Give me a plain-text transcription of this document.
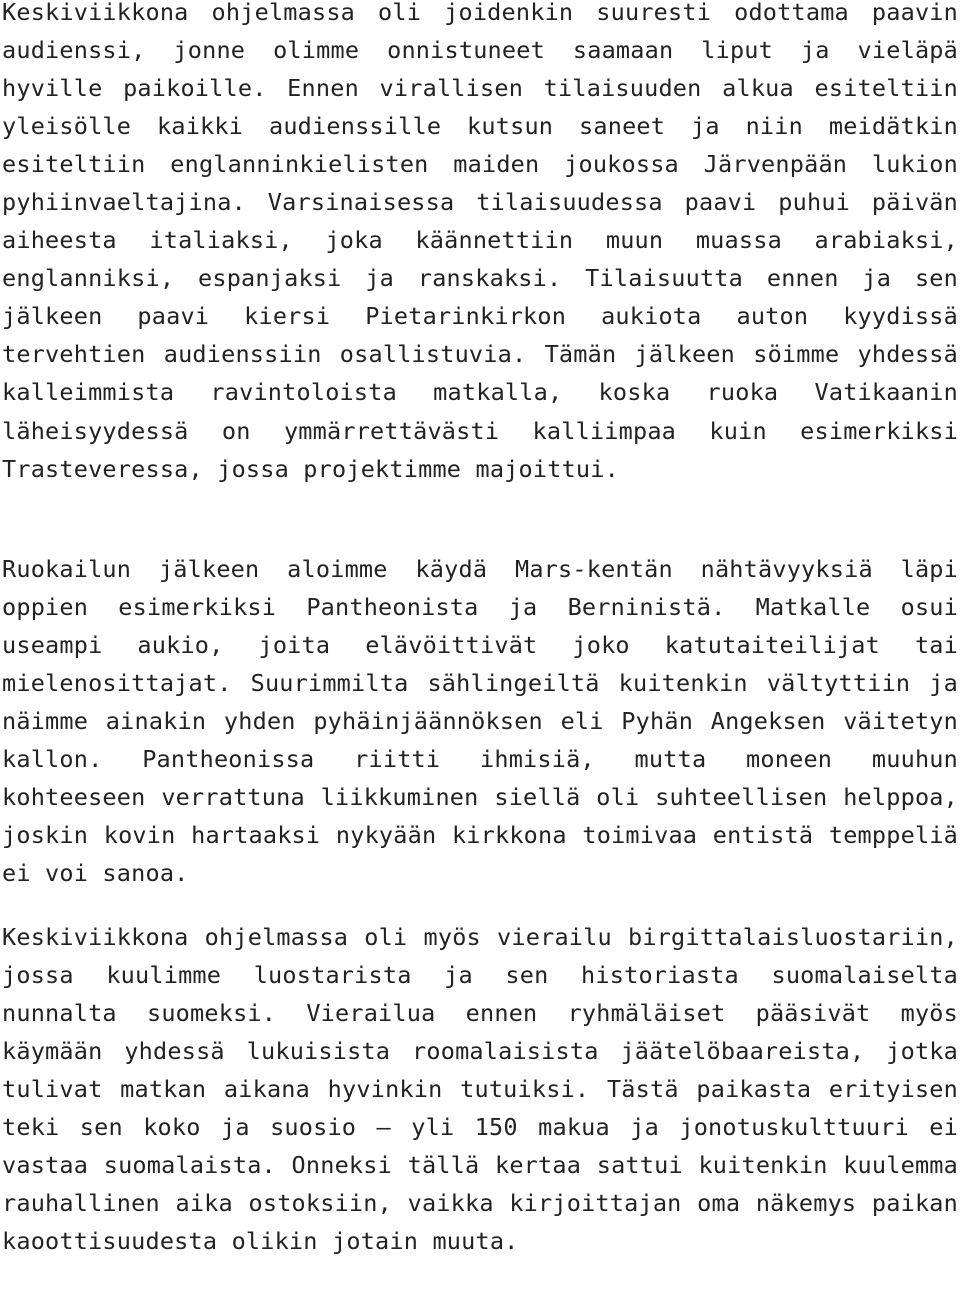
Keskiviikkona ohjelmassa oli joidenkin suuresti odottama paavin audienssi, jonne olimme onnistuneet saamaan liput ja vieläpä hyville paikoille. Ennen virallisen tilaisuuden alkua esiteltiin yleisölle kaikki audienssille kutsun saneet ja niin meidätkin esiteltiin englanninkielisten maiden joukossa Järvenpään lukion pyhiinvaeltajina. Varsinaisessa tilaisuudessa paavi puhui päivän aiheesta italiaksi, joka käännettiin muun muassa arabiaksi, englanniksi, espanjaksi ja ranskaksi. Tilaisuutta ennen ja sen jälkeen paavi kiersi Pietarinkirkon aukiota auton kyydissä tervehtien audienssiin osallistuvia. Tämän jälkeen söimme yhdessä kalleimmista ravintoloista matkalla, koska ruoka Vatikaanin läheisyydessä on ymmärrettävästi kalliimpaa kuin esimerkiksi Trasteveressa, jossa projektimme majoittui.

Ruokailun jälkeen aloimme käydä Mars-kentän nähtävyyksiä läpi oppien esimerkiksi Pantheonista ja Berninistä. Matkalle osui useampi aukio, joita elävöittivät joko katutaiteilijat tai mielenosittajat. Suurimmilta sählingeiltä kuitenkin vältyttiin ja näimme ainakin yhden pyhäinjäännöksen eli Pyhän Angeksen väitetyn kallon. Pantheonissa riitti ihmisiä, mutta moneen muuhun kohteeseen verrattuna liikkuminen siellä oli suhteellisen helppoa, joskin kovin hartaaksi nykyään kirkkona toimivaa entistä temppeliä ei voi sanoa.

Keskiviikkona ohjelmassa oli myös vierailu birgittalaisluostariin, jossa kuulimme luostarista ja sen historiasta suomalaiselta nunnalta suomeksi. Vierailua ennen ryhmäläiset pääsivät myös käymään yhdessä lukuisista roomalaisista jäätelöbaareista, jotka tulivat matkan aikana hyvinkin tutuiksi. Tästä paikasta erityisen teki sen koko ja suosio – yli 150 makua ja jonotuskulttuuri ei vastaa suomalaista. Onneksi tällä kertaa sattui kuitenkin kuulemma rauhallinen aika ostoksiin, vaikka kirjoittajan oma näkemys paikan kaoottisuudesta olikin jotain muuta.
